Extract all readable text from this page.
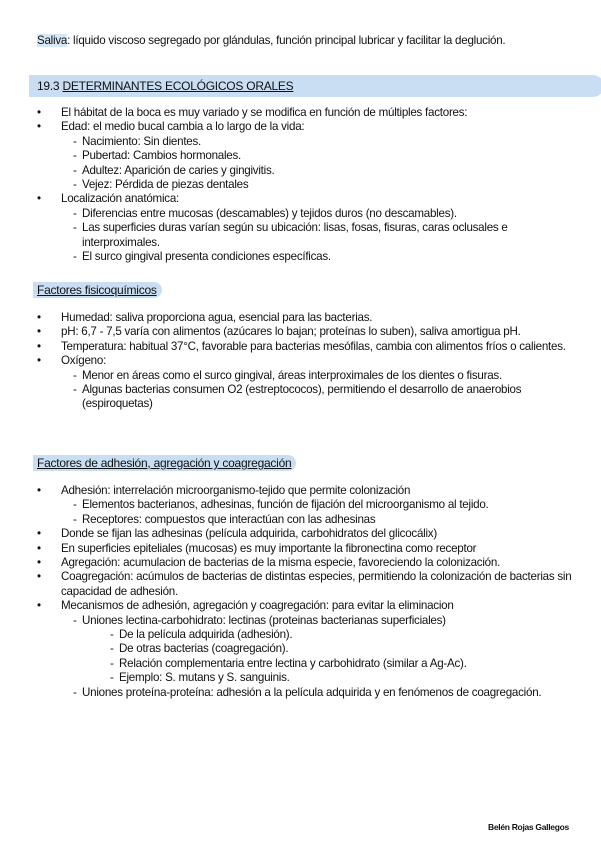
Saliva: líquido viscoso segregado por glándulas, función principal lubricar y facilitar la deglución.
19.3 DETERMINANTES ECOLÓGICOS ORALES
• El hábitat de la boca es muy variado y se modifica en función de múltiples factores:
• Edad: el medio bucal cambia a lo largo de la vida:
- Nacimiento: Sin dientes.
- Pubertad: Cambios hormonales.
- Adultez: Aparición de caries y gingivitis.
- Vejez: Pérdida de piezas dentales
• Localización anatómica:
- Diferencias entre mucosas (descamables) y tejidos duros (no descamables).
- Las superficies duras varían según su ubicación: lisas, fosas, fisuras, caras oclusales e interproximales.
- El surco gingival presenta condiciones específicas.
Factores fisicoquímicos
• Humedad: saliva proporciona agua, esencial para las bacterias.
• pH: 6,7 - 7,5 varía con alimentos (azúcares lo bajan; proteínas lo suben), saliva amortigua pH.
• Temperatura: habitual 37°C, favorable para bacterias mesófilas, cambia con alimentos fríos o calientes.
• Oxígeno:
- Menor en áreas como el surco gingival, áreas interproximales de los dientes o fisuras.
- Algunas bacterias consumen O2 (estreptococos), permitiendo el desarrollo de anaerobios (espiroquetas)
Factores de adhesión, agregación y coagregación
• Adhesión: interrelación microorganismo-tejido que permite colonización
- Elementos bacterianos, adhesinas, función de fijación del microorganismo al tejido.
- Receptores: compuestos que interactúan con las adhesinas
• Donde se fijan las adhesinas (película adquirida, carbohidratos del glicocálix)
• En superficies epiteliales (mucosas) es muy importante la fibronectina como receptor
• Agregación: acumulacion de bacterias de la misma especie, favoreciendo la colonización.
• Coagregación: acúmulos de bacterias de distintas especies, permitiendo la colonización de bacterias sin capacidad de adhesión.
• Mecanismos de adhesión, agregación y coagregación: para evitar la eliminacion
- Uniones lectina-carbohidrato: lectinas (proteinas bacterianas superficiales)
- De la película adquirida (adhesión).
- De otras bacterias (coagregación).
- Relación complementaria entre lectina y carbohidrato (similar a Ag-Ac).
- Ejemplo: S. mutans y S. sanguinis.
- Uniones proteína-proteína: adhesión a la película adquirida y en fenómenos de coagregación.
Belén Rojas Gallegos
